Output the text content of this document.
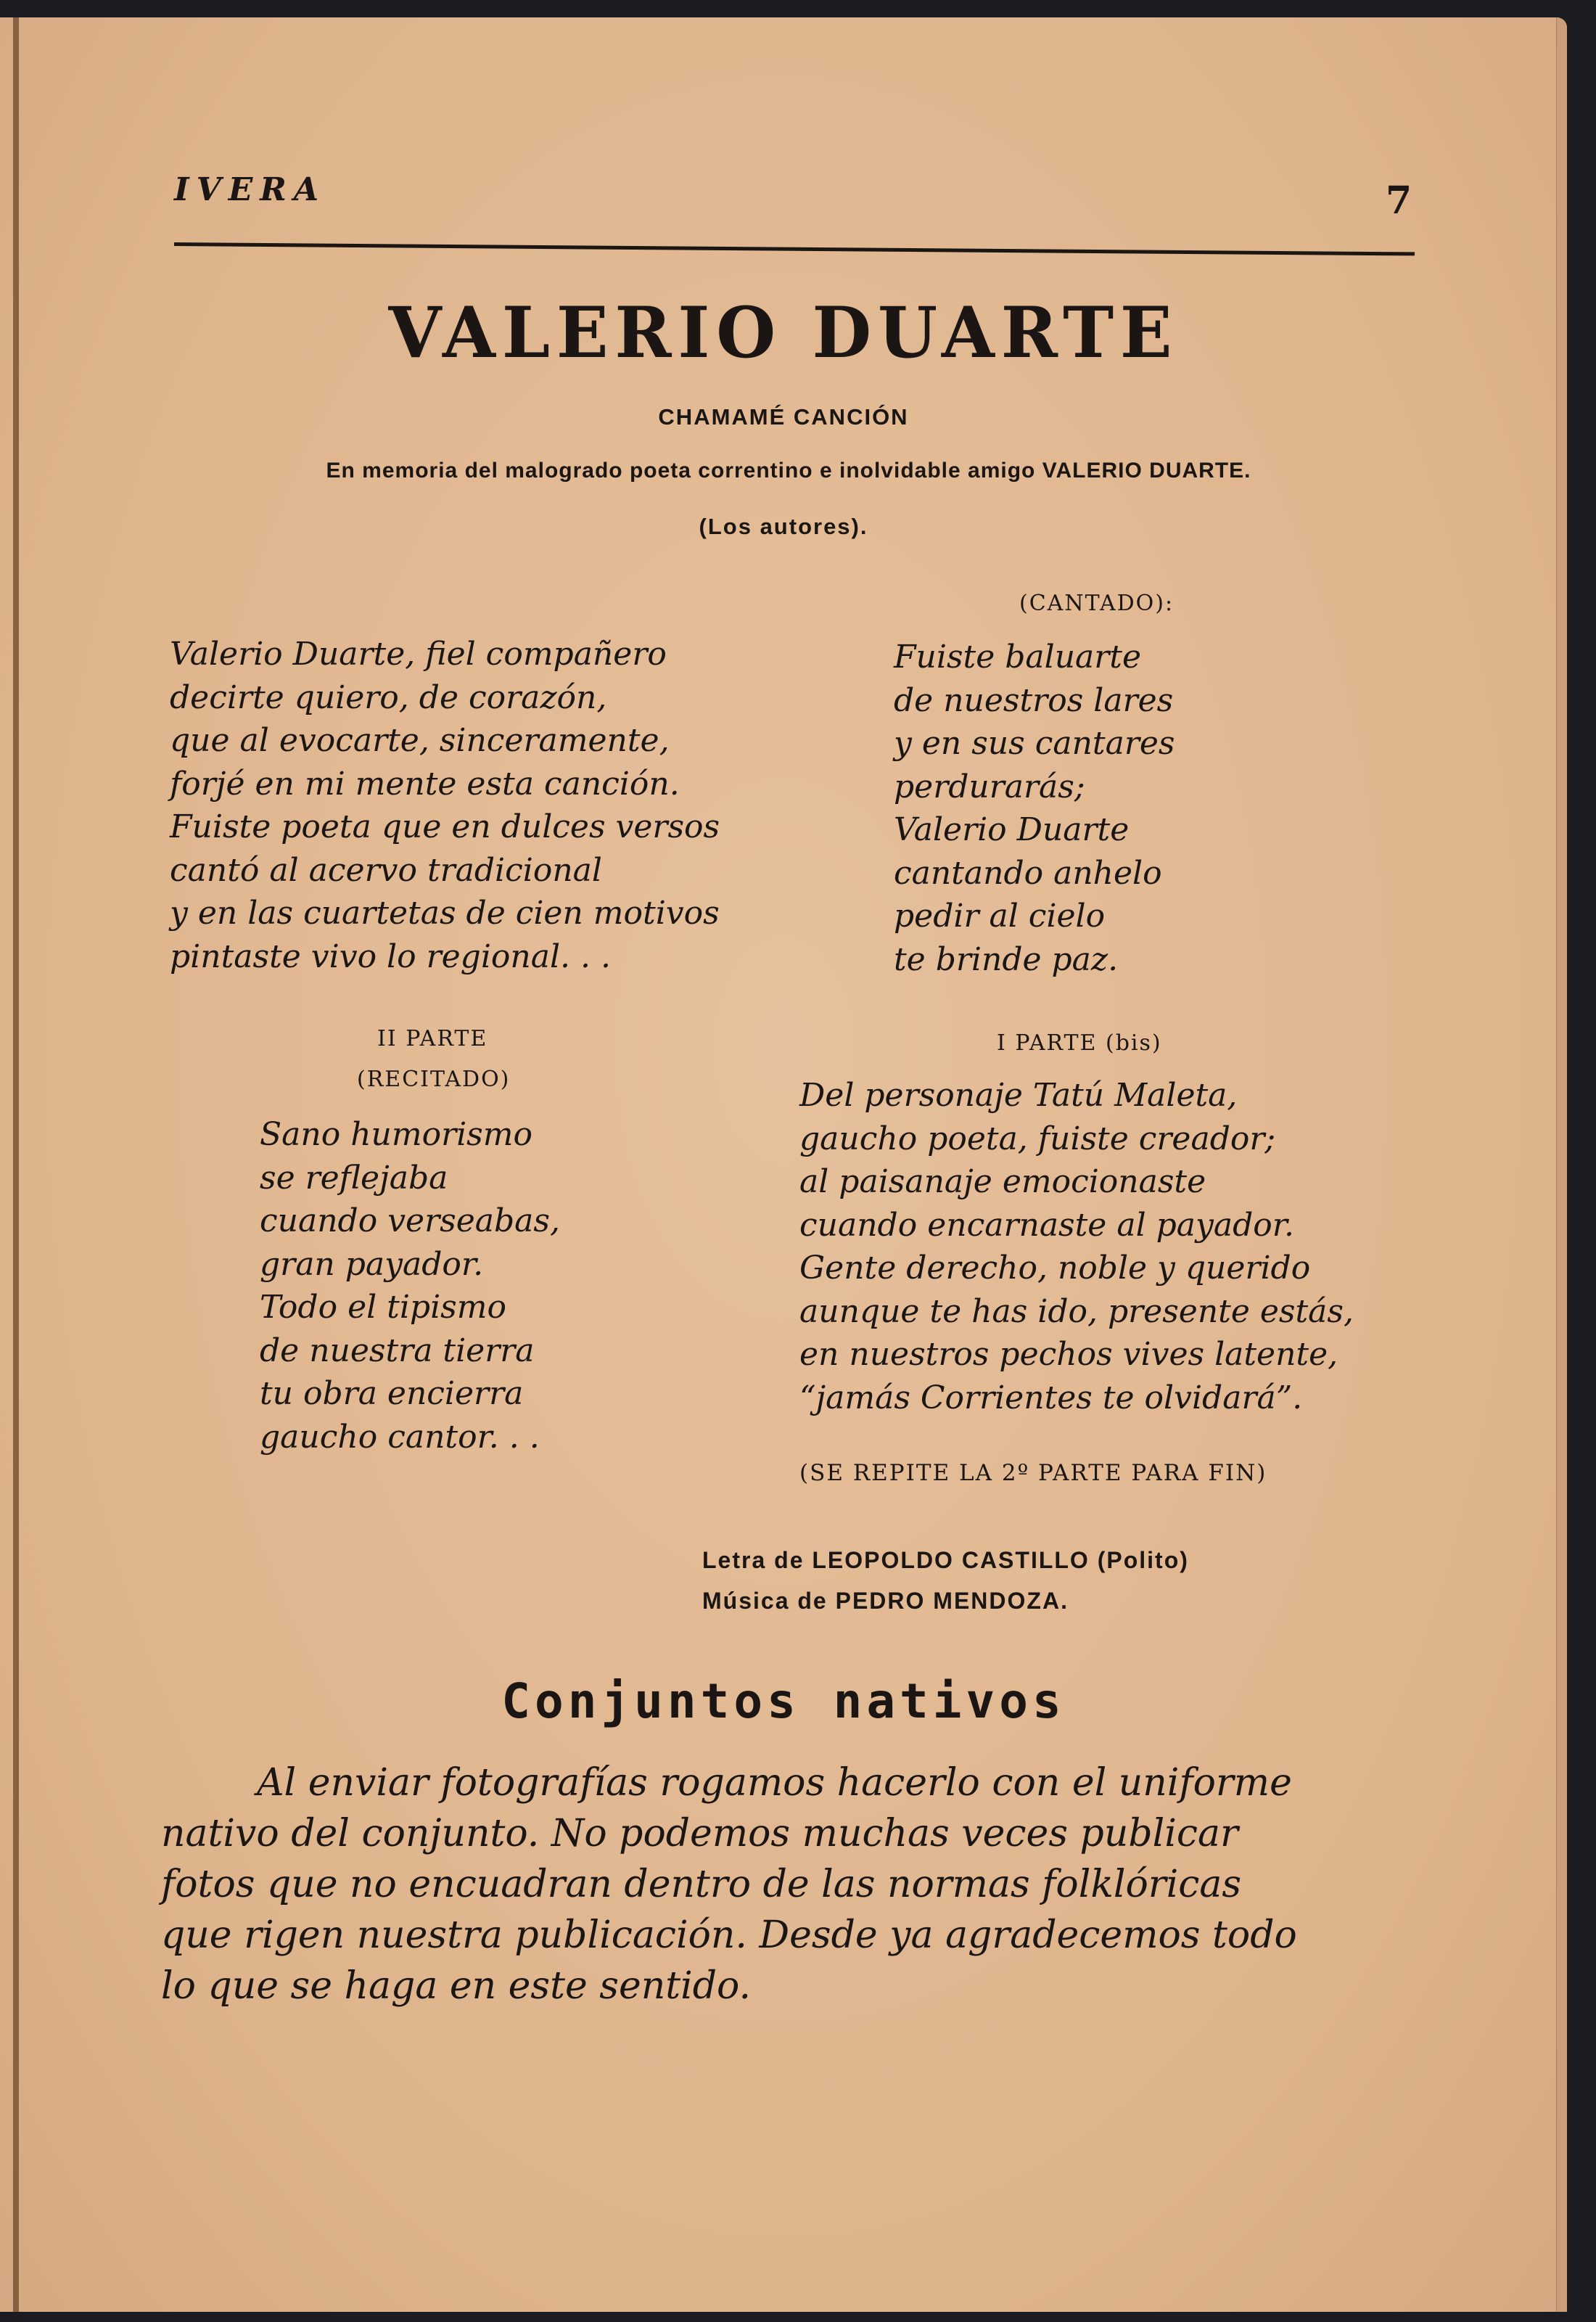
IVERA	7
VALERIO DUARTE
CHAMAMÉ CANCIÓN
En memoria del malogrado poeta correntino e inolvidable amigo VALERIO DUARTE.
(Los autores).
Valerio Duarte, fiel compañero
decirte quiero, de corazón,
que al evocarte, sinceramente,
forjé en mi mente esta canción.
Fuiste poeta que en dulces versos
cantó al acervo tradicional
y en las cuartetas de cien motivos
pintaste vivo lo regional. . .
(CANTADO):
Fuiste baluarte
de nuestros lares
y en sus cantares
perdurarás;
Valerio Duarte
cantando anhelo
pedir al cielo
te brinde paz.
II PARTE
(RECITADO)
Sano humorismo
se reflejaba
cuando verseabas,
gran payador.
Todo el tipismo
de nuestra tierra
tu obra encierra
gaucho cantor. . .
I PARTE (bis)
Del personaje Tatú Maleta,
gaucho poeta, fuiste creador;
al paisanaje emocionaste
cuando encarnaste al payador.
Gente derecho, noble y querido
aunque te has ido, presente estás,
en nuestros pechos vives latente,
“jamás Corrientes te olvidará”.
(SE REPITE LA 2º PARTE PARA FIN)
Letra de LEOPOLDO CASTILLO (Polito)
Música de PEDRO MENDOZA.
Conjuntos nativos
Al enviar fotografías rogamos hacerlo con el uniforme
nativo del conjunto. No podemos muchas veces publicar
fotos que no encuadran dentro de las normas folklóricas
que rigen nuestra publicación. Desde ya agradecemos todo
lo que se haga en este sentido.
